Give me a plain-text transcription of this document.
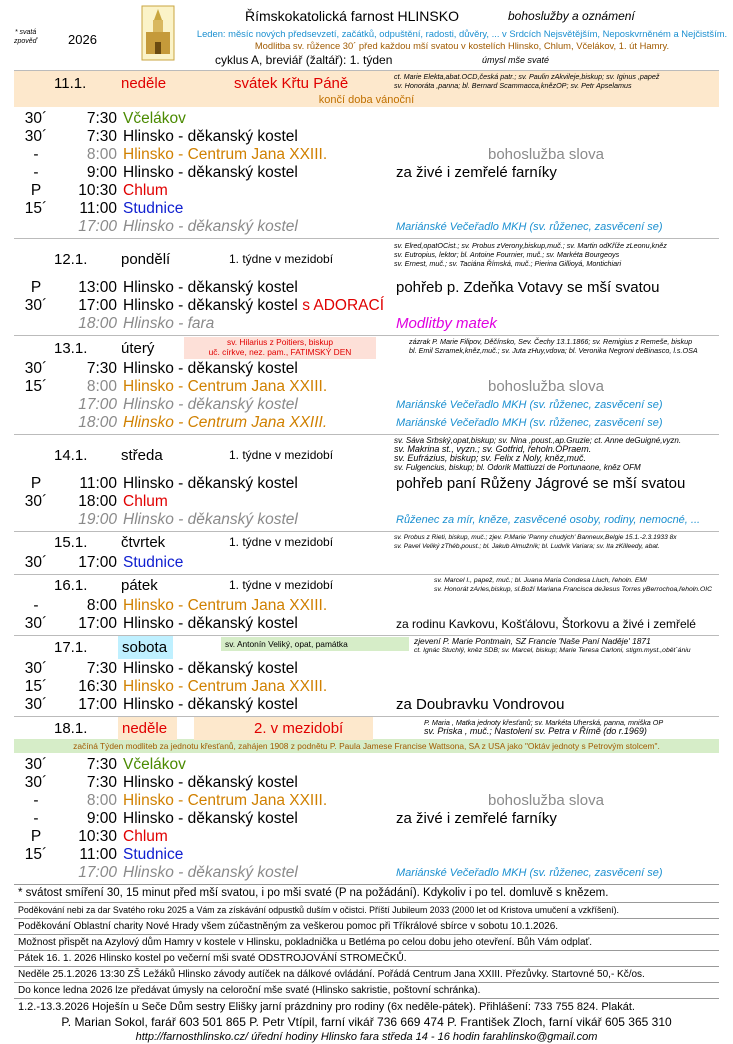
* svatá
zpověď 2026
Římskokatolická farnost HLINSKO	bohoslužby a oznámení
Leden: měsíc nových předsevzetí, začátků, odpuštění, radosti, důvěry, ... v Srdcích Nejsvětějším, Neposkvrněném a Nejčistším.
Modlitba sv. růžence 30´ před každou mší svatou v kostelích Hlinsko, Chlum, Včelákov, 1. út Hamry.
cyklus A, breviář (žaltář): 1. týden	úmysl mše svaté
11.1. neděle	svátek Křtu Páně	ct. Marie Elekta,abat.OCD,česká patr.; sv. Paulin zAkvileje,biskup; sv. Iginus ,papež
sv. Honoráta ,panna; bl. Bernard Scammacca,knězOP; sv. Petr Apselamus
končí doba vánoční
30´	7:30 Včelákov
30´	7:30 Hlinsko - děkanský kostel
-	8:00 Hlinsko - Centrum Jana XXIII.	bohoslužba slova
-	9:00 Hlinsko - děkanský kostel	za živé i zemřelé farníky
P	10:30 Chlum
15´	11:00 Studnice
17:00 Hlinsko - děkanský kostel	Mariánské Večeřadlo MKH (sv. růženec, zasvěcení se)
12.1. pondělí	1. týdne v mezidobí
sv. Elred,opatOCist.; sv. Probus zVerony,biskup,muč.; sv. Martin odKříže zLeonu,kněz
sv. Eutropius, lektor; bl. Antoine Fournier, muč.; sv. Markéta Bourgeoys
sv. Ernest, muč.; sv. Taciána Římská, muč.; Pierina Gillioyá, Montichiari
P	13:00 Hlinsko - děkanský kostel	pohřeb p. Zdeňka Votavy se mší svatou
30´	17:00 Hlinsko - děkanský kostel s ADORACÍ
18:00 Hlinsko - fara	Modlitby matek
13.1. úterý	sv. Hilarius z Poitiers, biskup
uč. církve, nez. pam., FATIMSKÝ DEN
zázrak P. Marie Filipov, Děčínsko, Sev. Čechy 13.1.1866; sv. Remigius z Remeše, biskup
bl. Emil Szramek,kněz,muč.; sv. Juta zHuy,vdova; bl. Veronika Negroni deBinasco, l.s.OSA
30´	7:30 Hlinsko - děkanský kostel
15´	8:00 Hlinsko - Centrum Jana XXIII.	bohoslužba slova
17:00 Hlinsko - děkanský kostel	Mariánské Večeřadlo MKH (sv. růženec, zasvěcení se)
18:00 Hlinsko - Centrum Jana XXIII.	Mariánské Večeřadlo MKH (sv. růženec, zasvěcení se)
14.1. středa	1. týdne v mezidobí
sv. Sáva Srbský,opat,biskup; sv. Nina ,poust.,ap.Gruzie; ct. Anne deGuigné,vyzn.
sv. Makrina st., vyzn.; sv. Gotfrid, řeholn.OPraem.
sv. Eufrázius, biskup; sv. Felix z Noly, kněz,muč.
sv. Fulgencius, biskup; bl. Odorik Mattiuzzi de Portunaone, kněz OFM
P	11:00 Hlinsko - děkanský kostel	pohřeb paní Růženy Jágrové se mší svatou
30´	18:00 Chlum
19:00 Hlinsko - děkanský kostel	Růženec za mír, kněze, zasvěcené osoby, rodiny, nemocné, ...
15.1. čtvrtek	1. týdne v mezidobí	sv. Probus z Rieti, biskup, muč.; zjev. P.Marie 'Panny chudých' Banneux,Belgie 15.1.-2.3.1933 8x
sv. Pavel Veliký zThéb,poust.; bl. Jakub Almužník; bl. Ludvík Variara; sv. Ita zKilleedy, abat.
30´	17:00 Studnice
16.1. pátek	1. týdne v mezidobí	sv. Marcel I., papež, muč.; bl. Juana Maria Condesa Lluch, řeholn. EMI
sv. Honorát zArles,biskup, sl.Boží Mariana Francisca deJesus Torres yBerrochoa,řeholn.OIC
-	8:00 Hlinsko - Centrum Jana XXIII.
30´	17:00 Hlinsko - děkanský kostel	za rodinu Kavkovu, Košťálovu, Štorkovu a živé i zemřelé
17.1. sobota	sv. Antonín Veliký, opat, památka	zjevení P. Marie Pontmain, SZ Francie 'Naše Paní Naděje' 1871
ct. Ignác Stuchlý, kněz SDB; sv. Marcel, biskup; Marie Teresa Carloni, stigm.myst.,obět´ániu
30´	7:30 Hlinsko - děkanský kostel
15´	16:30 Hlinsko - Centrum Jana XXIII.
30´	17:00 Hlinsko - děkanský kostel	za Doubravku Vondrovou
18.1. neděle	2. v mezidobí	P. Maria , Matka jednoty křesťanů; sv. Markéta Uherská, panna, mniška OP
sv. Priska , muč.; Nastolení sv. Petra v Římě (do r.1969)
začíná Týden modliteb za jednotu křesťanů, zahájen 1908 z podnětu P. Paula Jamese Francise Wattsona, SA z USA jako "Oktáv jednoty s Petrovým stolcem".
30´	7:30 Včelákov
30´	7:30 Hlinsko - děkanský kostel
-	8:00 Hlinsko - Centrum Jana XXIII.	bohoslužba slova
-	9:00 Hlinsko - děkanský kostel	za živé i zemřelé farníky
P	10:30 Chlum
15´	11:00 Studnice
17:00 Hlinsko - děkanský kostel	Mariánské Večeřadlo MKH (sv. růženec, zasvěcení se)
* svátost smíření 30, 15 minut před mší svatou, i po mši svaté (P na požádání). Kdykoliv i po tel. domluvě s knězem.
Poděkování nebi za dar Svatého roku 2025 a Vám za získávání odpustků duším v očistci. Příští Jubileum 2033 (2000 let od Kristova umučení a vzkříšení).
Poděkování Oblastní charity Nové Hrady všem zúčastněným za veškerou pomoc při Tříkrálové sbírce v sobotu 10.1.2026.
Možnost přispět na Azylový dům Hamry v kostele v Hlinsku, pokladnička u Betléma po celou dobu jeho otevření. Bůh Vám odplať.
Pátek 16. 1. 2026 Hlinsko kostel po večerní mši svaté ODSTROJOVÁNÍ STROMEČKŮ.
Neděle 25.1.2026 13:30 ZŠ Ležáků Hlinsko závody autíček na dálkové ovládání. Pořádá Centrum Jana XXIII. Přezůvky. Startovné 50,- Kč/os.
Do konce ledna 2026 lze předávat úmysly na celoroční mše svaté (Hlinsko sakristie, poštovní schránka).
1.2.-13.3.2026 Hoješín u Seče Dům sestry Elišky jarní prázdniny pro rodiny (6x neděle-pátek). Přihlášení: 733 755 824. Plakát.
P. Marian Sokol, farář 603 501 865 P. Petr Vtípil, farní vikář 736 669 474 P. František Zloch, farní vikář 605 365 310
http://farnosthlinsko.cz/ úřední hodiny Hlinsko fara středa 14 - 16 hodin farahlinsko@gmail.com
